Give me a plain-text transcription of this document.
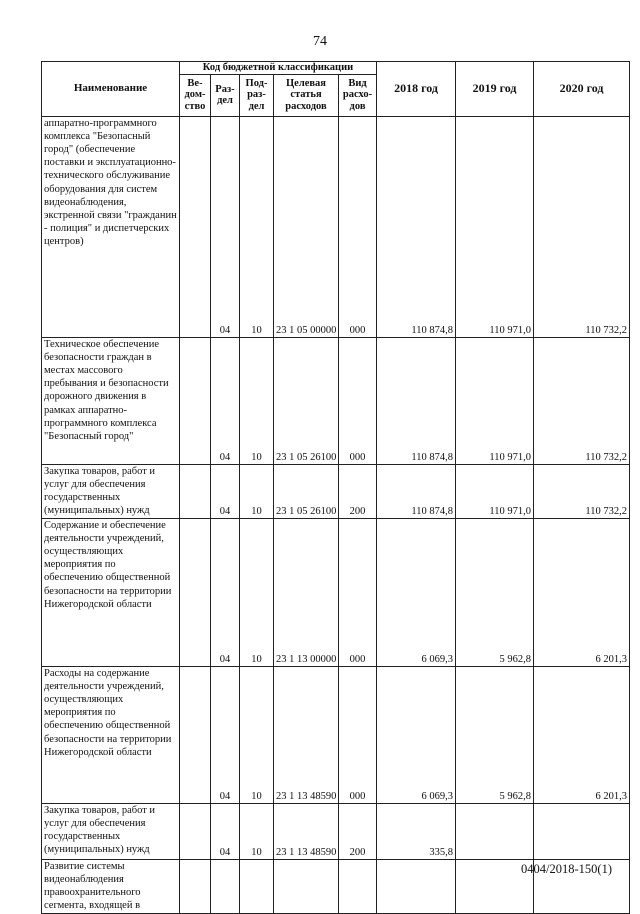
74
Наименование	Код бюджетной классификации					2018 год	2019 год	2020 год
	Ве-дом-ство	Раз-дел	Под-раз-дел	Целевая статья расходов	Вид расхо-дов			
аппаратно-программного комплекса "Безопасный город" (обеспечение поставки и эксплуатационно-технического обслуживание оборудования для систем видеонаблюдения, экстренной связи "гражданин - полиция" и диспетчерских центров)		04	10	23 1 05 00000	000	110 874,8	110 971,0	110 732,2
Техническое обеспечение безопасности граждан в местах массового пребывания и безопасности дорожного движения в рамках аппаратно-программного комплекса "Безопасный город"		04	10	23 1 05 26100	000	110 874,8	110 971,0	110 732,2
Закупка товаров, работ и услуг для обеспечения государственных (муниципальных) нужд		04	10	23 1 05 26100	200	110 874,8	110 971,0	110 732,2
Содержание и обеспечение деятельности учреждений, осуществляющих мероприятия по обеспечению общественной безопасности на территории Нижегородской области		04	10	23 1 13 00000	000	6 069,3	5 962,8	6 201,3
Расходы на содержание деятельности учреждений, осуществляющих мероприятия по обеспечению общественной безопасности на территории Нижегородской области		04	10	23 1 13 48590	000	6 069,3	5 962,8	6 201,3
Закупка товаров, работ и услуг для обеспечения государственных (муниципальных) нужд		04	10	23 1 13 48590	200	335,8		
Развитие системы видеонаблюдения правоохранительного сегмента, входящей в								
0404/2018-150(1)
